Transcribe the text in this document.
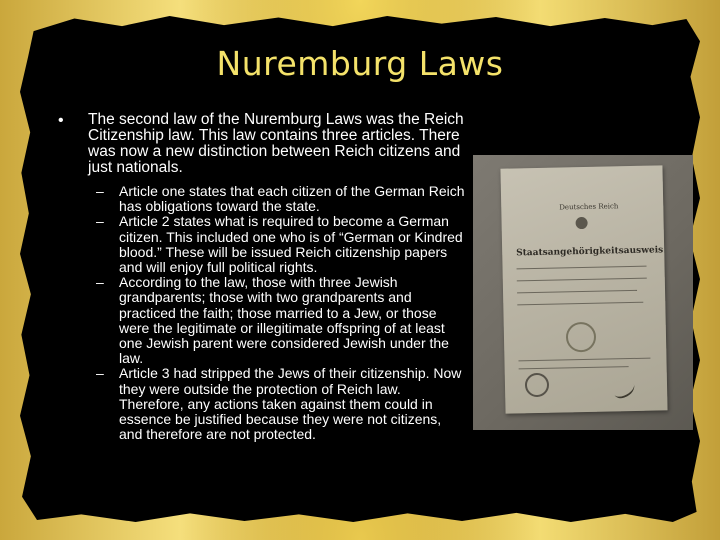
Nuremburg Laws
• The second law of the Nuremburg Laws was the Reich Citizenship law. This law contains three articles. There was now a new distinction between Reich citizens and just nationals.
– Article one states that each citizen of the German Reich has obligations toward the state.
– Article 2 states what is required to become a German citizen. This included one who is of “German or Kindred blood.” These will be issued Reich citizenship papers and will enjoy full political rights.
– According to the law, those with three Jewish grandparents; those with two grandparents and practiced the faith; those married to a Jew, or those were the legitimate or illegitimate offspring of at least one Jewish parent were considered Jewish under the law.
– Article 3 had stripped the Jews of their citizenship. Now they were outside the protection of Reich law. Therefore, any actions taken against them could in essence be justified because they were not citizens, and therefore are not protected.
Deutsches Reich
Staatsangehörigkeitsausweis
